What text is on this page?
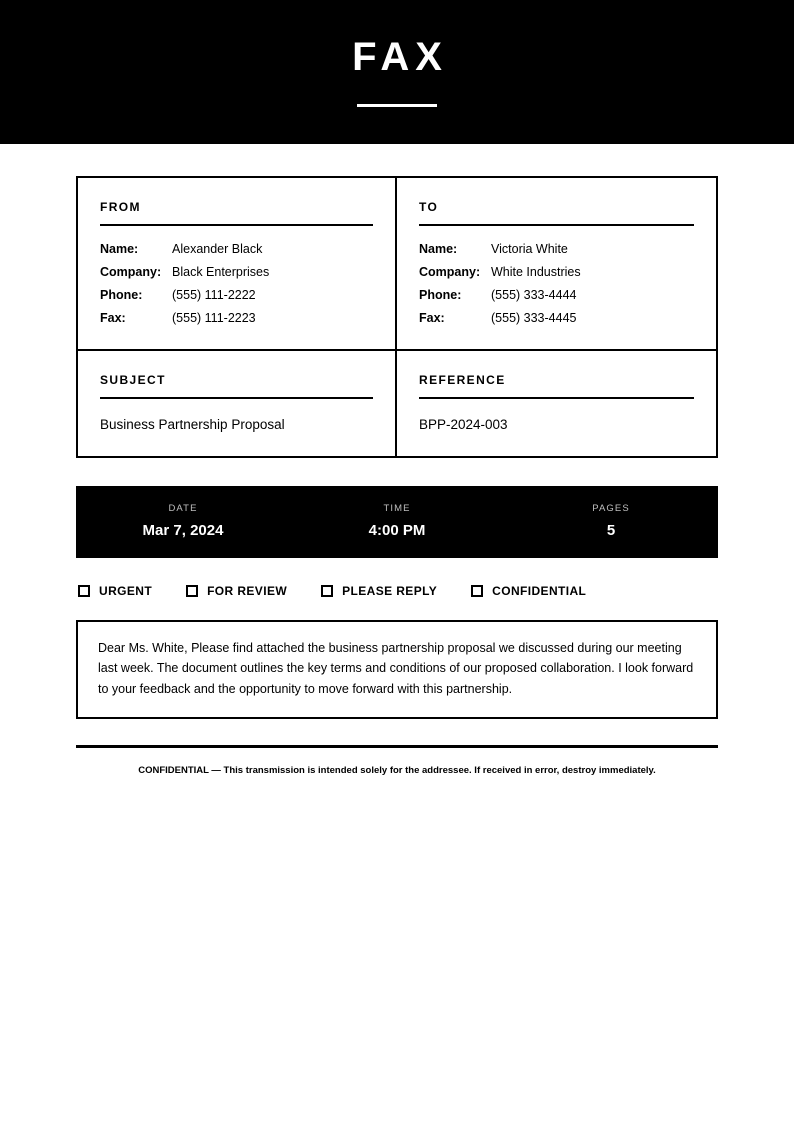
FAX
FROM
Name:	Alexander Black
Company: Black Enterprises
Phone:	(555) 111-2222
Fax:	(555) 111-2223
TO
Name:	Victoria White
Company: White Industries
Phone:	(555) 333-4444
Fax:	(555) 333-4445
SUBJECT
Business Partnership Proposal
REFERENCE
BPP-2024-003
DATE
Mar 7, 2024
TIME
4:00 PM
PAGES
5
URGENT	FOR REVIEW	PLEASE REPLY	CONFIDENTIAL

Dear Ms. White, Please find attached the business partnership proposal we discussed during our meeting last week. The document outlines the key terms and conditions of our proposed collaboration. I look forward to your feedback and the opportunity to move forward with this partnership.

CONFIDENTIAL — This transmission is intended solely for the addressee. If received in error, destroy immediately.
